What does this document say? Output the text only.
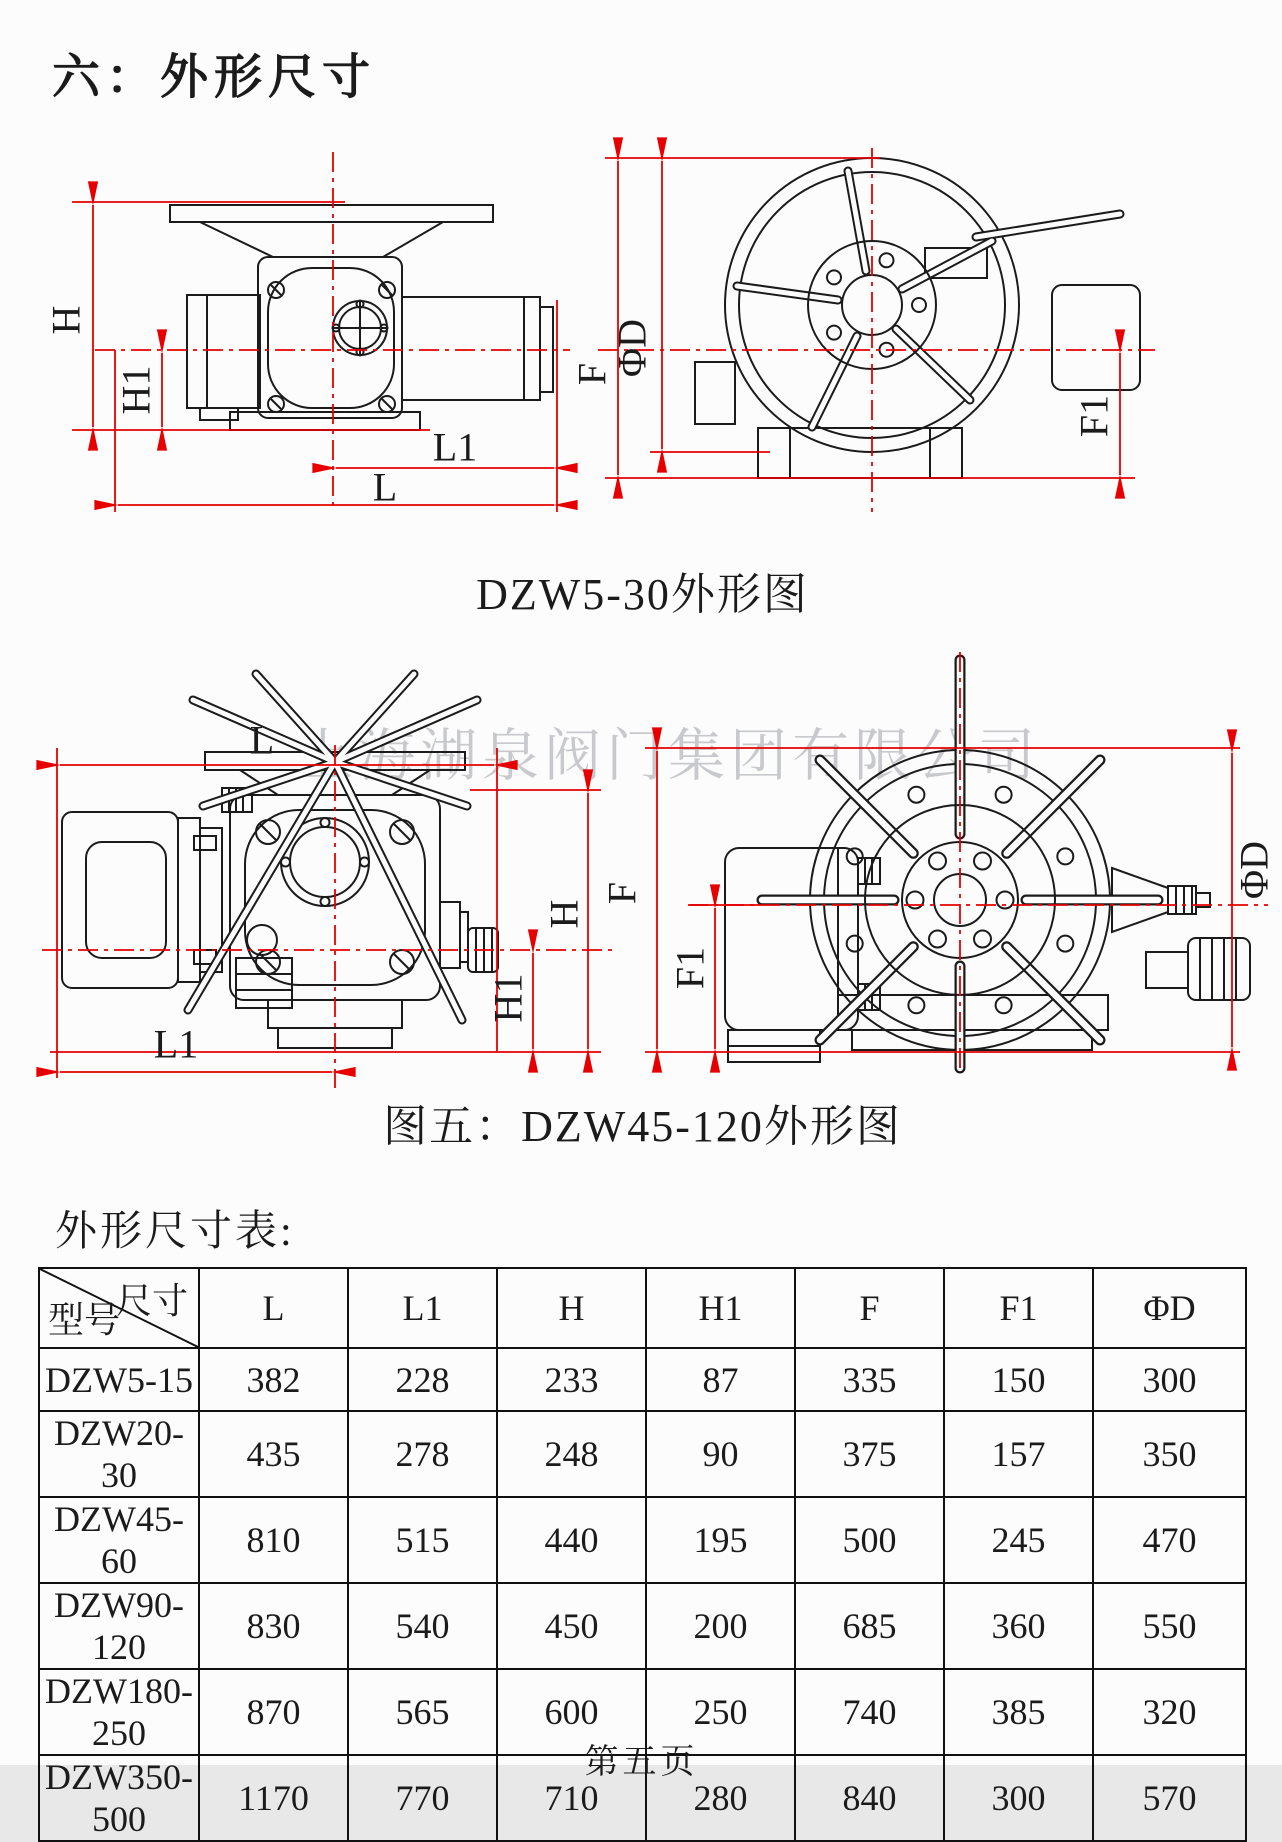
六：外形尺寸
上海湖泉阀门集团有限公司
H
H1
L1
L
F
ΦD
F1
DZW5-30外形图
L
L1
H
H1
F
F1
ΦD
图五：DZW45-120外形图
外形尺寸表:
尺寸
型号	L	L1	H	H1	F	F1	ΦD
DZW5-15	382	228	233	87	335	150	300
DZW20-30	435	278	248	90	375	157	350
DZW45-60	810	515	440	195	500	245	470
DZW90-120	830	540	450	200	685	360	550
DZW180-250	870	565	600	250	740	385	320
DZW350-500	1170	770	710	280	840	300	570
第五页
